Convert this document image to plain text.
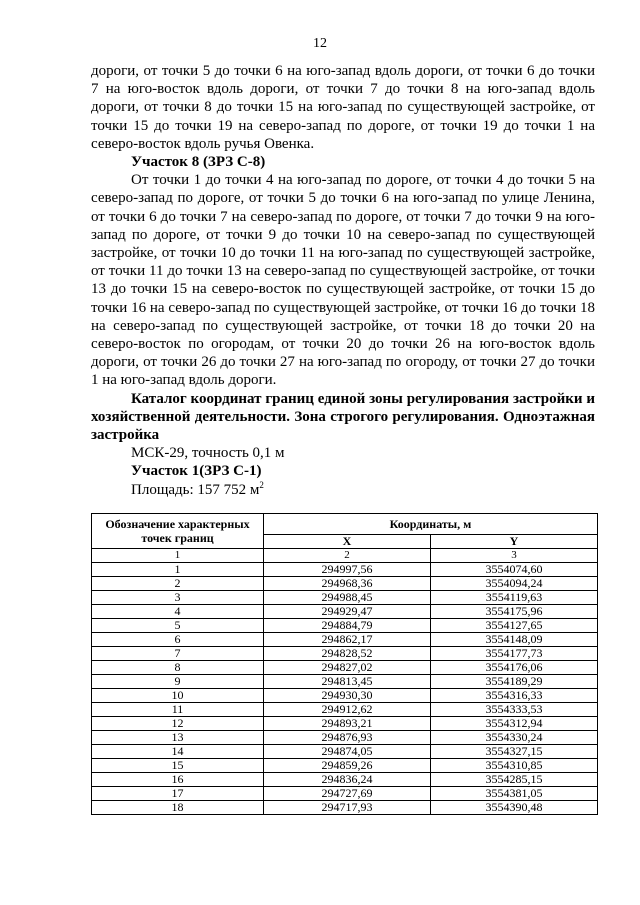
12

дороги, от точки 5 до точки 6 на юго-запад вдоль дороги, от точки 6 до точки 7 на юго-восток вдоль дороги, от точки 7 до точки 8 на юго-запад вдоль дороги, от точки 8 до точки 15 на юго-запад по существующей застройке, от точки 15 до точки 19 на северо-запад по дороге, от точки 19 до точки 1 на северо-восток вдоль ручья Овенка.

Участок 8 (ЗРЗ С-8)

От точки 1 до точки 4 на юго-запад по дороге, от точки 4 до точки 5 на северо-запад по дороге, от точки 5 до точки 6 на юго-запад по улице Ленина, от точки 6 до точки 7 на северо-запад по дороге, от точки 7 до точки 9 на юго-запад по дороге, от точки 9 до точки 10 на северо-запад по существующей застройке, от точки 10 до точки 11 на юго-запад по существующей застройке, от точки 11 до точки 13 на северо-запад по существующей застройке, от точки 13 до точки 15 на северо-восток по существующей застройке, от точки 15 до точки 16 на северо-запад по существующей застройке, от точки 16 до точки 18 на северо-запад по существующей застройке, от точки 18 до точки 20 на северо-восток по огородам, от точки 20 до точки 26 на юго-восток вдоль дороги, от точки 26 до точки 27 на юго-запад по огороду, от точки 27 до точки 1 на юго-запад вдоль дороги.

Каталог координат границ единой зоны регулирования застройки и хозяйственной деятельности. Зона строгого регулирования. Одноэтажная застройка

МСК-29, точность 0,1 м

Участок 1(ЗРЗ С-1)

Площадь: 157 752 $м^2$

Обозначение характерных точек границ	Координаты, м	
	X	Y
1	2	3
1	294997,56	3554074,60
2	294968,36	3554094,24
3	294988,45	3554119,63
4	294929,47	3554175,96
5	294884,79	3554127,65
6	294862,17	3554148,09
7	294828,52	3554177,73
8	294827,02	3554176,06
9	294813,45	3554189,29
10	294930,30	3554316,33
11	294912,62	3554333,53
12	294893,21	3554312,94
13	294876,93	3554330,24
14	294874,05	3554327,15
15	294859,26	3554310,85
16	294836,24	3554285,15
17	294727,69	3554381,05
18	294717,93	3554390,48
